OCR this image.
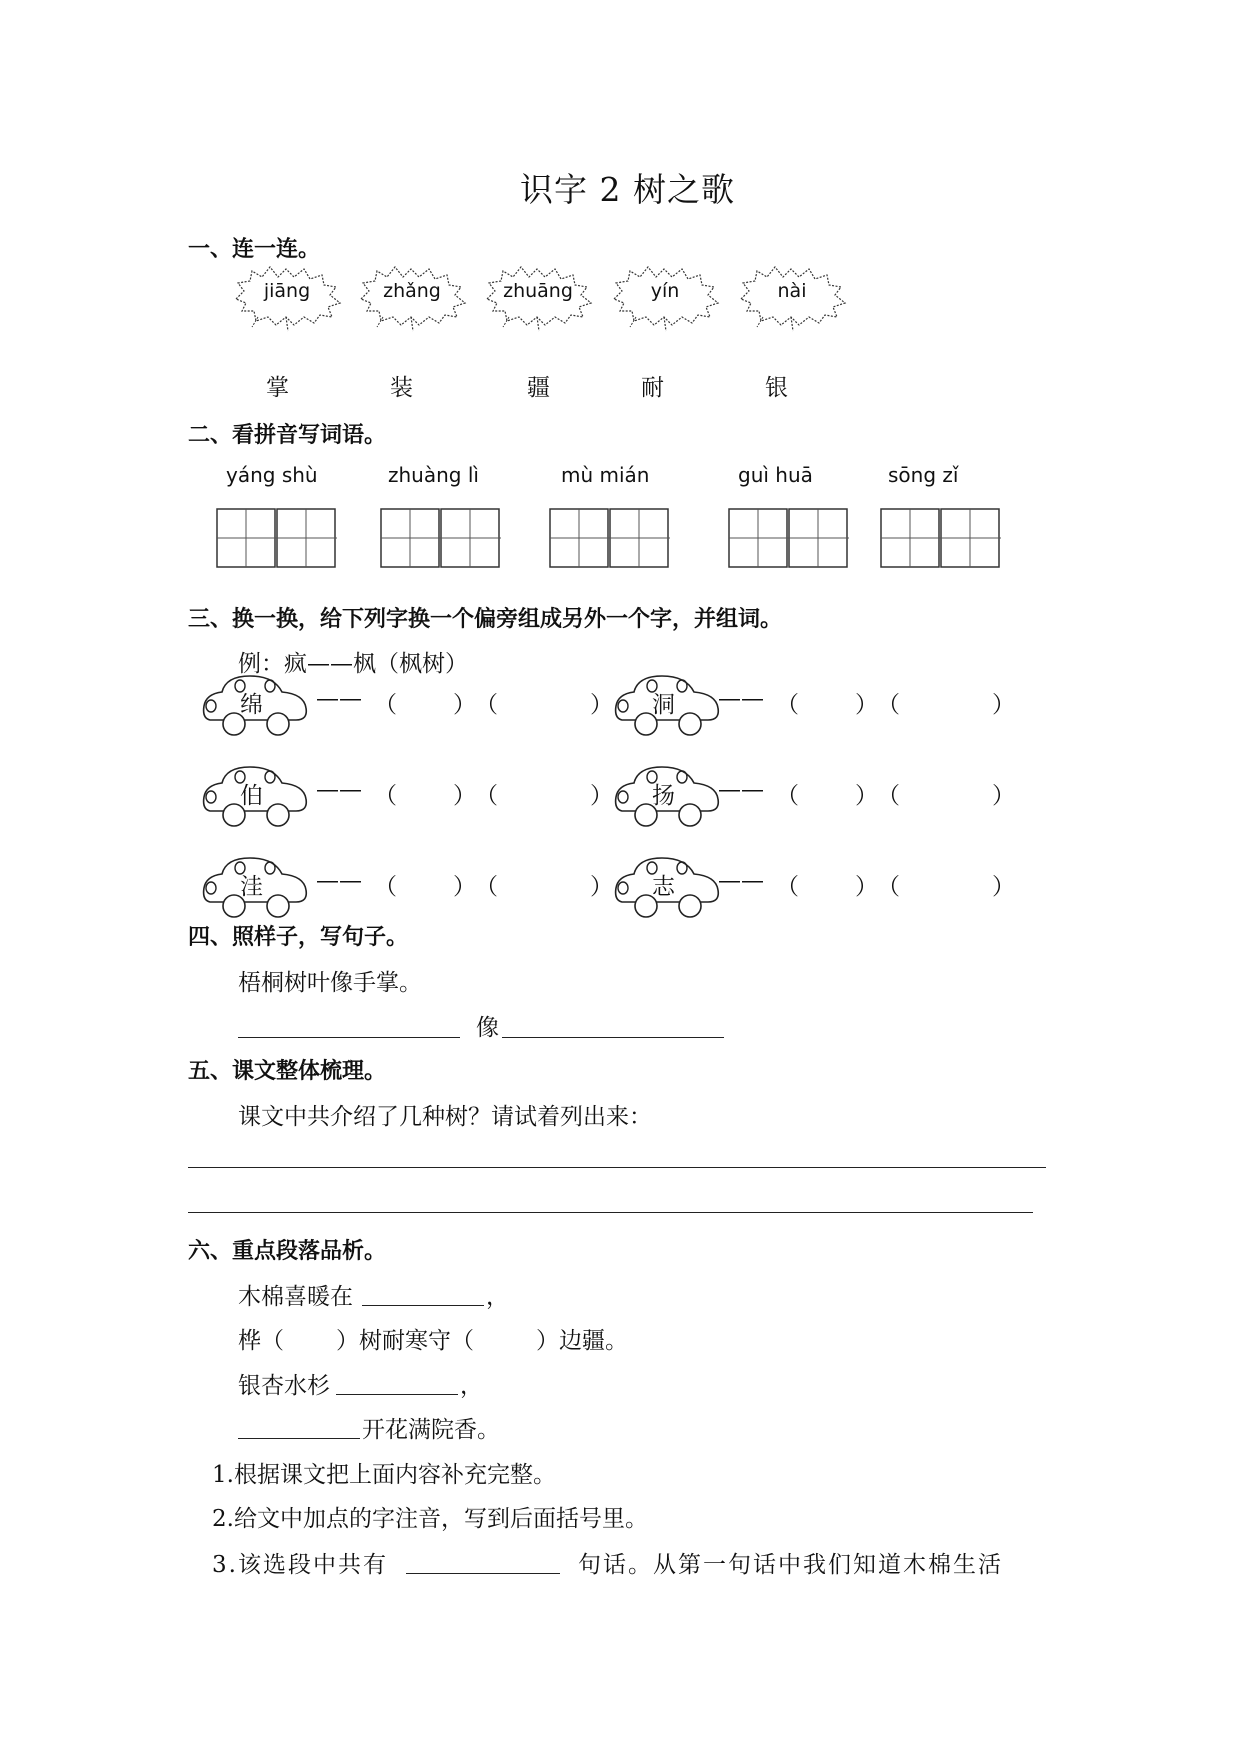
识字 2 树之歌
一、连一连。
jiāng	zhǎng	zhuāng	yín	nài
掌	装	疆	耐	银
二、看拼音写词语。
yáng shù	zhuàng lì	mù mián	guì huā	sōng zǐ
三、换一换，给下列字换一个偏旁组成另外一个字，并组词。
例：疯——枫（枫树）
绵 —— （ ） （	） 洞 —— （ ） （	）
伯 —— （ ） （	） 扬 —— （ ） （	）
洼 —— （ ） （	） 志 —— （ ） （	）
四、照样子，写句子。
梧桐树叶像手掌。
像
五、课文整体梳理。
课文中共介绍了几种树？请试着列出来：
六、重点段落品析。
木棉喜暖在	，
桦（ ）树耐寒守（	）边疆。
银杏水杉	，
开花满院香。
1.根据课文把上面内容补充完整。
2.给文中加点的字注音，写到后面括号里。
3.该选段中共有	句话。从第一句话中我们知道木棉生活
